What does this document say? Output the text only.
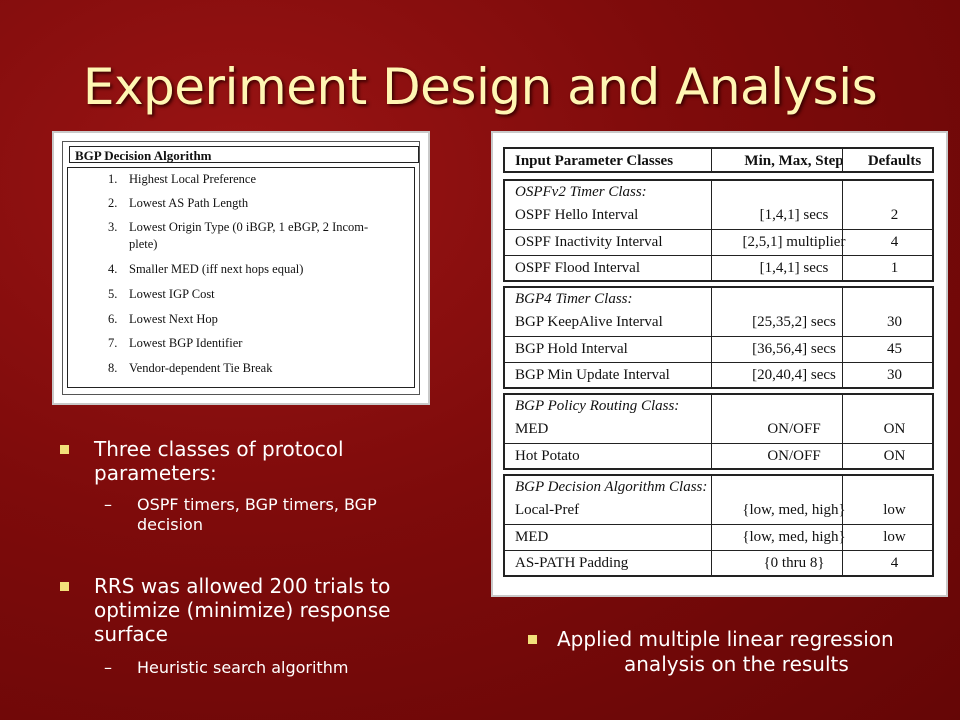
Experiment Design and Analysis
BGP Decision Algorithm
1. Highest Local Preference
2. Lowest AS Path Length
3. Lowest Origin Type (0 iBGP, 1 eBGP, 2 Incom-
plete)
4. Smaller MED (iff next hops equal)
5. Lowest IGP Cost
6. Lowest Next Hop
7. Lowest BGP Identifier
8. Vendor-dependent Tie Break
Input Parameter Classes	Min, Max, Step	Defaults
OSPFv2 Timer Class:
OSPF Hello Interval	[1,4,1] secs	2
OSPF Inactivity Interval	[2,5,1] multiplier	4
OSPF Flood Interval	[1,4,1] secs	1
BGP4 Timer Class:
BGP KeepAlive Interval	[25,35,2] secs	30
BGP Hold Interval	[36,56,4] secs	45
BGP Min Update Interval	[20,40,4] secs	30
BGP Policy Routing Class:
MED	ON/OFF	ON
Hot Potato	ON/OFF	ON
BGP Decision Algorithm Class:
Local-Pref	{low, med, high}	low
MED	{low, med, high}	low
AS-PATH Padding	{0 thru 8}	4
Three classes of protocol
parameters:
– OSPF timers, BGP timers, BGP
decision
RRS was allowed 200 trials to
optimize (minimize) response
surface
– Heuristic search algorithm
Applied multiple linear regression
analysis on the results
